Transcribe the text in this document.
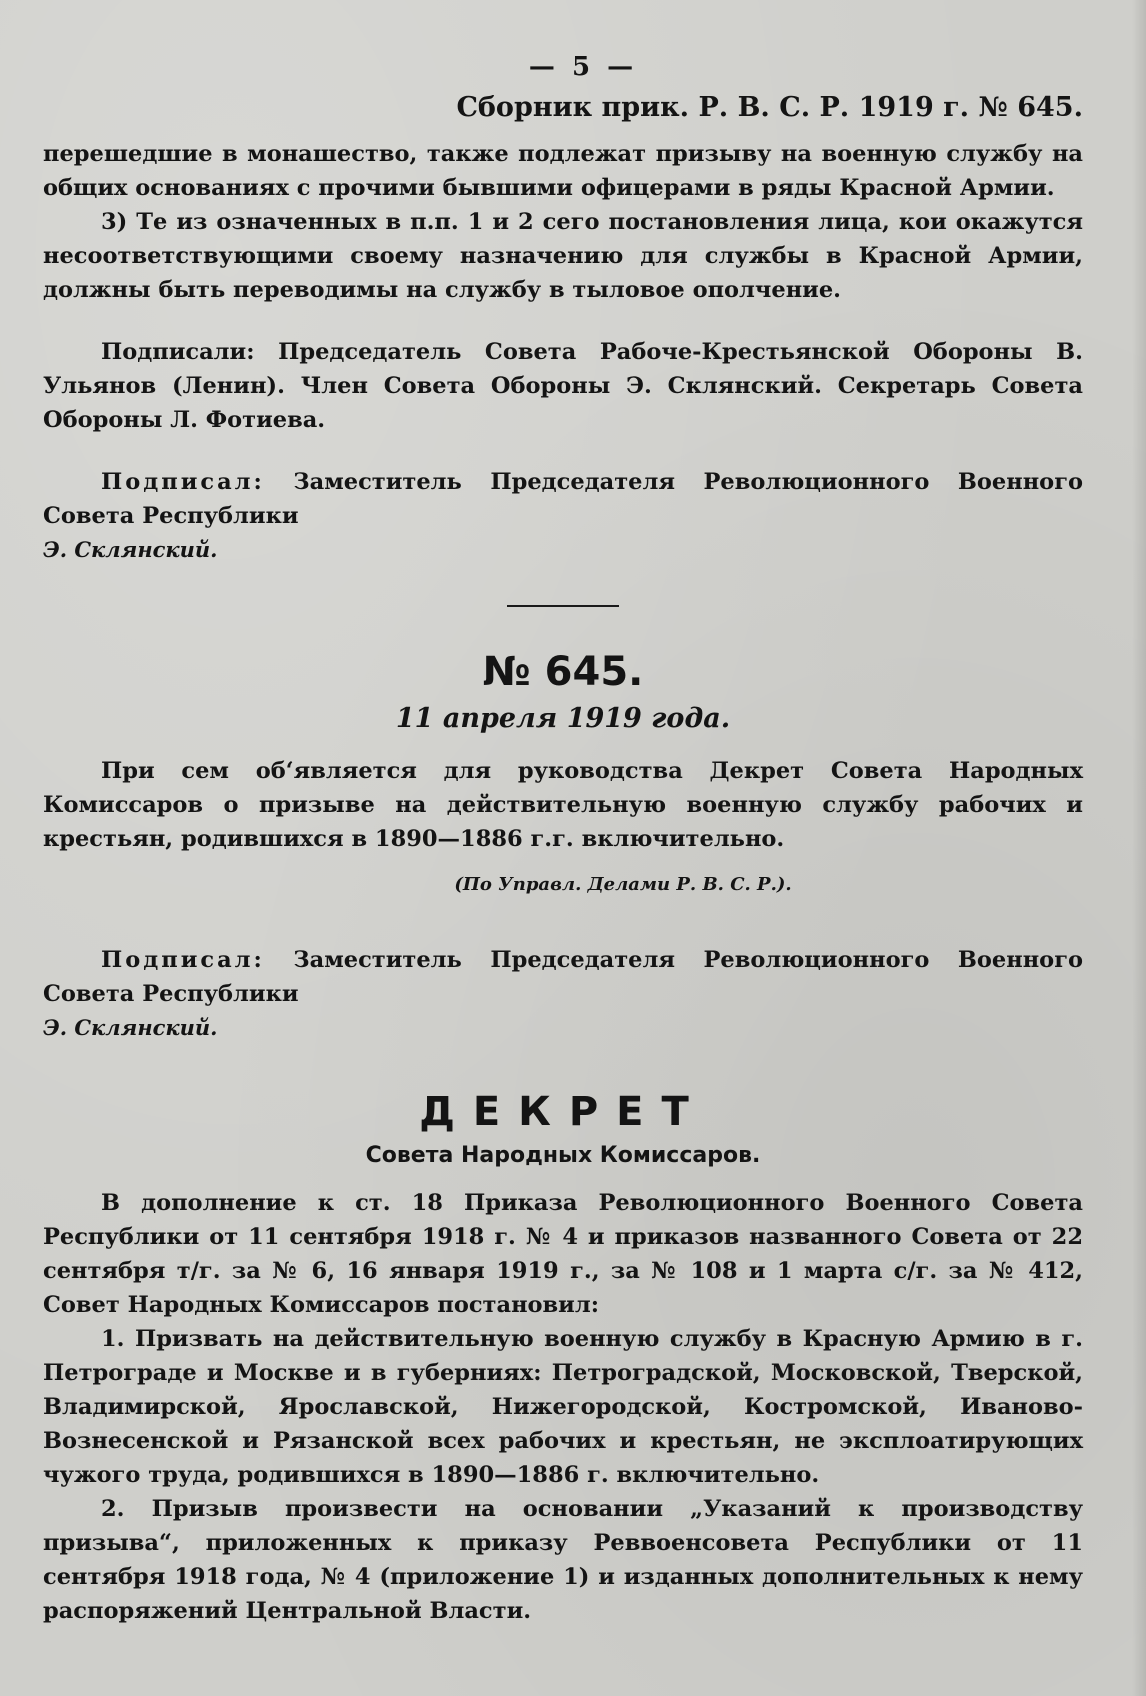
— 5 —
Сборник прик. Р. В. С. Р. 1919 г. № 645.

перешедшие в монашество, также подлежат призыву на военную службу на общих основаниях с прочими бывшими офицерами в ряды Красной Армии.

3) Те из означенных в п.п. 1 и 2 сего постановления лица, кои окажутся несоответствующими своему назначению для службы в Красной Армии, должны быть переводимы на службу в тыловое ополчение.

Подписали: Председатель Совета Рабоче-Крестьянской Обороны В. Ульянов (Ленин). Член Совета Обороны Э. Склянский. Секретарь Совета Обороны Л. Фотиева.

Подписал: Заместитель Председателя Революционного Военного Совета Республики

Э. Склянский.

№ 645.
11 апреля 1919 года.

При сем об‘является для руководства Декрет Совета Народных Комиссаров о призыве на действительную военную службу рабочих и крестьян, родившихся в 1890—1886 г.г. включительно.

(По Управл. Делами Р. В. С. Р.).

Подписал: Заместитель Председателя Революционного Военного Совета Республики

Э. Склянский.

ДЕКРЕТ
Совета Народных Комиссаров.

В дополнение к ст. 18 Приказа Революционного Военного Совета Республики от 11 сентября 1918 г. № 4 и приказов названного Совета от 22 сентября т/г. за № 6, 16 января 1919 г., за № 108 и 1 марта с/г. за № 412, Совет Народных Комиссаров постановил:

1. Призвать на действительную военную службу в Красную Армию в г. Петрограде и Москве и в губерниях: Петроградской, Московской, Тверской, Владимирской, Ярославской, Нижегородской, Костромской, Иваново-Вознесенской и Рязанской всех рабочих и крестьян, не эксплоатирующих чужого труда, родившихся в 1890—1886 г. включительно.

2. Призыв произвести на основании „Указаний к производству призыва“, приложенных к приказу Реввоенсовета Республики от 11 сентября 1918 года, № 4 (приложение 1) и изданных дополнительных к нему распоряжений Центральной Власти.
